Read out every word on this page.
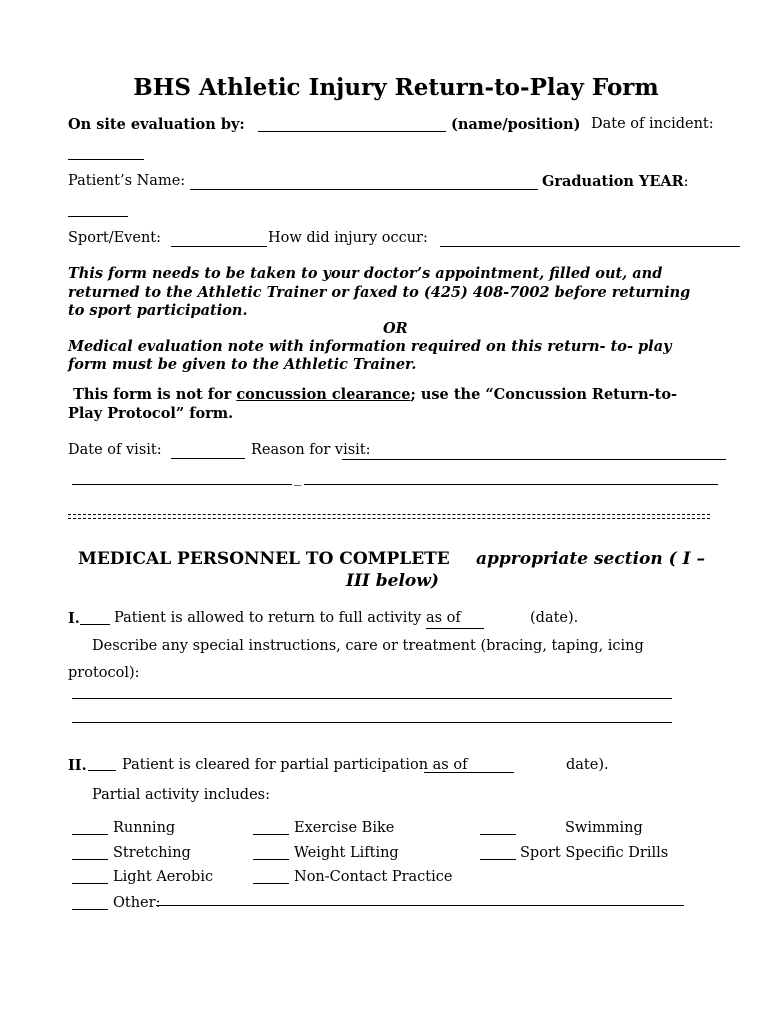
BHS Athletic Injury Return-to-Play Form
On site evaluation by:	(name/position) Date of incident:
Patient’s Name:	Graduation YEAR:
Sport/Event:	How did injury occur:
This form needs to be taken to your doctor’s appointment, filled out, and
returned to the Athletic Trainer or faxed to (425) 408-7002 before returning
to sport participation.
OR
Medical evaluation note with information required on this return- to- play
form must be given to the Athletic Trainer.
This form is not for concussion clearance; use the “Concussion Return-to-
Play Protocol” form.
Date of visit:	Reason for visit:
_
MEDICAL PERSONNEL TO COMPLETE appropriate section ( I –
III below)
I. Patient is allowed to return to full activity as of	(date).
Describe any special instructions, care or treatment (bracing, taping, icing
protocol):
II. Patient is cleared for partial participation as of	date).
Partial activity includes:
Running	Exercise Bike	Swimming
Stretching	Weight Lifting	Sport Specific Drills
Light Aerobic	Non-Contact Practice
Other:
